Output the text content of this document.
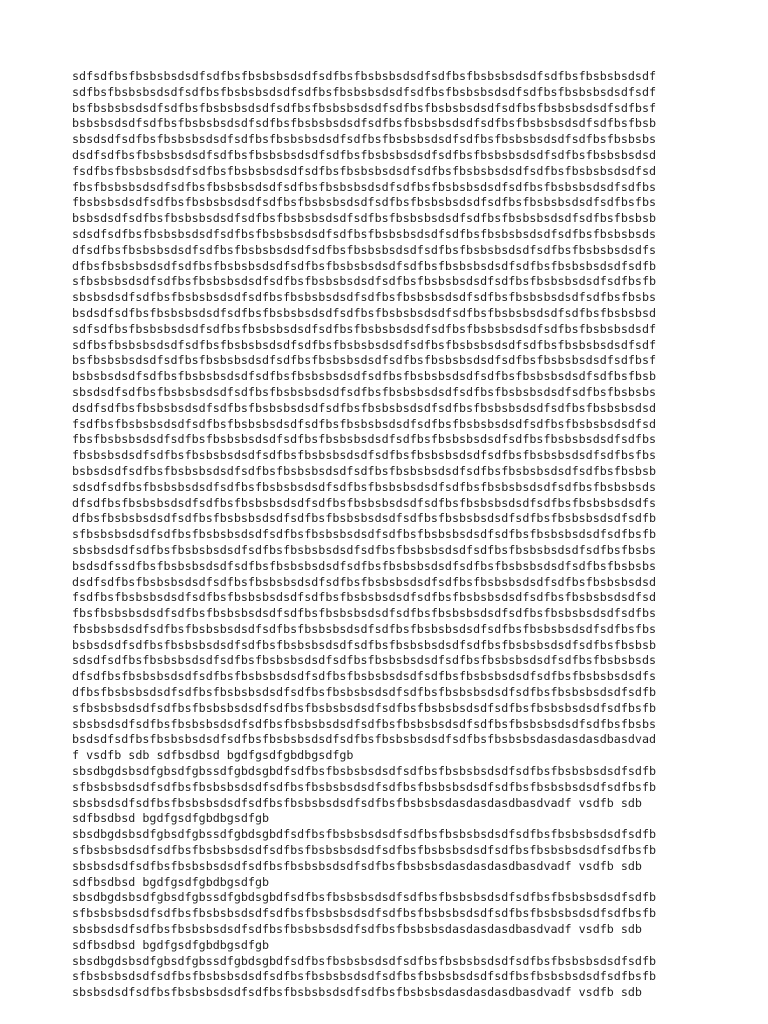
sdfsdfbsfbsbsbsdsdfsdfbsfbsbsbsdsdfsdfbsfbsbsbsdsdfsdfbsfbsbsbsdsdfsdfbsfbsbsbsdsdf
sdfbsfbsbsbsdsdfsdfbsfbsbsbsdsdfsdfbsfbsbsbsdsdfsdfbsfbsbsbsdsdfsdfbsfbsbsbsdsdfsdf
bsfbsbsbsdsdfsdfbsfbsbsbsdsdfsdfbsfbsbsbsdsdfsdfbsfbsbsbsdsdfsdfbsfbsbsbsdsdfsdfbsf
bsbsbsdsdfsdfbsfbsbsbsdsdfsdfbsfbsbsbsdsdfsdfbsfbsbsbsdsdfsdfbsfbsbsbsdsdfsdfbsfbsb
sbsdsdfsdfbsfbsbsbsdsdfsdfbsfbsbsbsdsdfsdfbsfbsbsbsdsdfsdfbsfbsbsbsdsdfsdfbsfbsbsbs
dsdfsdfbsfbsbsbsdsdfsdfbsfbsbsbsdsdfsdfbsfbsbsbsdsdfsdfbsfbsbsbsdsdfsdfbsfbsbsbsdsd
fsdfbsfbsbsbsdsdfsdfbsfbsbsbsdsdfsdfbsfbsbsbsdsdfsdfbsfbsbsbsdsdfsdfbsfbsbsbsdsdfsd
fbsfbsbsbsdsdfsdfbsfbsbsbsdsdfsdfbsfbsbsbsdsdfsdfbsfbsbsbsdsdfsdfbsfbsbsbsdsdfsdfbs
fbsbsbsdsdfsdfbsfbsbsbsdsdfsdfbsfbsbsbsdsdfsdfbsfbsbsbsdsdfsdfbsfbsbsbsdsdfsdfbsfbs
bsbsdsdfsdfbsfbsbsbsdsdfsdfbsfbsbsbsdsdfsdfbsfbsbsbsdsdfsdfbsfbsbsbsdsdfsdfbsfbsbsb
sdsdfsdfbsfbsbsbsdsdfsdfbsfbsbsbsdsdfsdfbsfbsbsbsdsdfsdfbsfbsbsbsdsdfsdfbsfbsbsbsds
dfsdfbsfbsbsbsdsdfsdfbsfbsbsbsdsdfsdfbsfbsbsbsdsdfsdfbsfbsbsbsdsdfsdfbsfbsbsbsdsdfs
dfbsfbsbsbsdsdfsdfbsfbsbsbsdsdfsdfbsfbsbsbsdsdfsdfbsfbsbsbsdsdfsdfbsfbsbsbsdsdfsdfb
sfbsbsbsdsdfsdfbsfbsbsbsdsdfsdfbsfbsbsbsdsdfsdfbsfbsbsbsdsdfsdfbsfbsbsbsdsdfsdfbsfb
sbsbsdsdfsdfbsfbsbsbsdsdfsdfbsfbsbsbsdsdfsdfbsfbsbsbsdsdfsdfbsfbsbsbsdsdfsdfbsfbsbs
bsdsdfsdfbsfbsbsbsdsdfsdfbsfbsbsbsdsdfsdfbsfbsbsbsdsdfsdfbsfbsbsbsdsdfsdfbsfbsbsbsd
sdfsdfbsfbsbsbsdsdfsdfbsfbsbsbsdsdfsdfbsfbsbsbsdsdfsdfbsfbsbsbsdsdfsdfbsfbsbsbsdsdf
sdfbsfbsbsbsdsdfsdfbsfbsbsbsdsdfsdfbsfbsbsbsdsdfsdfbsfbsbsbsdsdfsdfbsfbsbsbsdsdfsdf
bsfbsbsbsdsdfsdfbsfbsbsbsdsdfsdfbsfbsbsbsdsdfsdfbsfbsbsbsdsdfsdfbsfbsbsbsdsdfsdfbsf
bsbsbsdsdfsdfbsfbsbsbsdsdfsdfbsfbsbsbsdsdfsdfbsfbsbsbsdsdfsdfbsfbsbsbsdsdfsdfbsfbsb
sbsdsdfsdfbsfbsbsbsdsdfsdfbsfbsbsbsdsdfsdfbsfbsbsbsdsdfsdfbsfbsbsbsdsdfsdfbsfbsbsbs
dsdfsdfbsfbsbsbsdsdfsdfbsfbsbsbsdsdfsdfbsfbsbsbsdsdfsdfbsfbsbsbsdsdfsdfbsfbsbsbsdsd
fsdfbsfbsbsbsdsdfsdfbsfbsbsbsdsdfsdfbsfbsbsbsdsdfsdfbsfbsbsbsdsdfsdfbsfbsbsbsdsdfsd
fbsfbsbsbsdsdfsdfbsfbsbsbsdsdfsdfbsfbsbsbsdsdfsdfbsfbsbsbsdsdfsdfbsfbsbsbsdsdfsdfbs
fbsbsbsdsdfsdfbsfbsbsbsdsdfsdfbsfbsbsbsdsdfsdfbsfbsbsbsdsdfsdfbsfbsbsbsdsdfsdfbsfbs
bsbsdsdfsdfbsfbsbsbsdsdfsdfbsfbsbsbsdsdfsdfbsfbsbsbsdsdfsdfbsfbsbsbsdsdfsdfbsfbsbsb
sdsdfsdfbsfbsbsbsdsdfsdfbsfbsbsbsdsdfsdfbsfbsbsbsdsdfsdfbsfbsbsbsdsdfsdfbsfbsbsbsds
dfsdfbsfbsbsbsdsdfsdfbsfbsbsbsdsdfsdfbsfbsbsbsdsdfsdfbsfbsbsbsdsdfsdfbsfbsbsbsdsdfs
dfbsfbsbsbsdsdfsdfbsfbsbsbsdsdfsdfbsfbsbsbsdsdfsdfbsfbsbsbsdsdfsdfbsfbsbsbsdsdfsdfb
sfbsbsbsdsdfsdfbsfbsbsbsdsdfsdfbsfbsbsbsdsdfsdfbsfbsbsbsdsdfsdfbsfbsbsbsdsdfsdfbsfb
sbsbsdsdfsdfbsfbsbsbsdsdfsdfbsfbsbsbsdsdfsdfbsfbsbsbsdsdfsdfbsfbsbsbsdsdfsdfbsfbsbs
bsdsdfssdfbsfbsbsbsdsdfsdfbsfbsbsbsdsdfsdfbsfbsbsbsdsdfsdfbsfbsbsbsdsdfsdfbsfbsbsbs
dsdfsdfbsfbsbsbsdsdfsdfbsfbsbsbsdsdfsdfbsfbsbsbsdsdfsdfbsfbsbsbsdsdfsdfbsfbsbsbsdsd
fsdfbsfbsbsbsdsdfsdfbsfbsbsbsdsdfsdfbsfbsbsbsdsdfsdfbsfbsbsbsdsdfsdfbsfbsbsbsdsdfsd
fbsfbsbsbsdsdfsdfbsfbsbsbsdsdfsdfbsfbsbsbsdsdfsdfbsfbsbsbsdsdfsdfbsfbsbsbsdsdfsdfbs
fbsbsbsdsdfsdfbsfbsbsbsdsdfsdfbsfbsbsbsdsdfsdfbsfbsbsbsdsdfsdfbsfbsbsbsdsdfsdfbsfbs
bsbsdsdfsdfbsfbsbsbsdsdfsdfbsfbsbsbsdsdfsdfbsfbsbsbsdsdfsdfbsfbsbsbsdsdfsdfbsfbsbsb
sdsdfsdfbsfbsbsbsdsdfsdfbsfbsbsbsdsdfsdfbsfbsbsbsdsdfsdfbsfbsbsbsdsdfsdfbsfbsbsbsds
dfsdfbsfbsbsbsdsdfsdfbsfbsbsbsdsdfsdfbsfbsbsbsdsdfsdfbsfbsbsbsdsdfsdfbsfbsbsbsdsdfs
dfbsfbsbsbsdsdfsdfbsfbsbsbsdsdfsdfbsfbsbsbsdsdfsdfbsfbsbsbsdsdfsdfbsfbsbsbsdsdfsdfb
sfbsbsbsdsdfsdfbsfbsbsbsdsdfsdfbsfbsbsbsdsdfsdfbsfbsbsbsdsdfsdfbsfbsbsbsdsdfsdfbsfb
sbsbsdsdfsdfbsfbsbsbsdsdfsdfbsfbsbsbsdsdfsdfbsfbsbsbsdsdfsdfbsfbsbsbsdsdfsdfbsfbsbs
bsdsdfsdfbsfbsbsbsdsdfsdfbsfbsbsbsdsdfsdfbsfbsbsbsdsdfsdfbsfbsbsbsdasdasdasdbasdvad
f vsdfb sdb sdfbsdbsd bgdfgsdfgbdbgsdfgb
sbsdbgdsbsdfgbsdfgbssdfgbdsgbdfsdfbsfbsbsbsdsdfsdfbsfbsbsbsdsdfsdfbsfbsbsbsdsdfsdfb
sfbsbsbsdsdfsdfbsfbsbsbsdsdfsdfbsfbsbsbsdsdfsdfbsfbsbsbsdsdfsdfbsfbsbsbsdsdfsdfbsfb
sbsbsdsdfsdfbsfbsbsbsdsdfsdfbsfbsbsbsdsdfsdfbsfbsbsbsdasdasdasdbasdvadf vsdfb sdb
sdfbsdbsd bgdfgsdfgbdbgsdfgb
sbsdbgdsbsdfgbsdfgbssdfgbdsgbdfsdfbsfbsbsbsdsdfsdfbsfbsbsbsdsdfsdfbsfbsbsbsdsdfsdfb
sfbsbsbsdsdfsdfbsfbsbsbsdsdfsdfbsfbsbsbsdsdfsdfbsfbsbsbsdsdfsdfbsfbsbsbsdsdfsdfbsfb
sbsbsdsdfsdfbsfbsbsbsdsdfsdfbsfbsbsbsdsdfsdfbsfbsbsbsdasdasdasdbasdvadf vsdfb sdb
sdfbsdbsd bgdfgsdfgbdbgsdfgb
sbsdbgdsbsdfgbsdfgbssdfgbdsgbdfsdfbsfbsbsbsdsdfsdfbsfbsbsbsdsdfsdfbsfbsbsbsdsdfsdfb
sfbsbsbsdsdfsdfbsfbsbsbsdsdfsdfbsfbsbsbsdsdfsdfbsfbsbsbsdsdfsdfbsfbsbsbsdsdfsdfbsfb
sbsbsdsdfsdfbsfbsbsbsdsdfsdfbsfbsbsbsdsdfsdfbsfbsbsbsdasdasdasdbasdvadf vsdfb sdb
sdfbsdbsd bgdfgsdfgbdbgsdfgb
sbsdbgdsbsdfgbsdfgbssdfgbdsgbdfsdfbsfbsbsbsdsdfsdfbsfbsbsbsdsdfsdfbsfbsbsbsdsdfsdfb
sfbsbsbsdsdfsdfbsfbsbsbsdsdfsdfbsfbsbsbsdsdfsdfbsfbsbsbsdsdfsdfbsfbsbsbsdsdfsdfbsfb
sbsbsdsdfsdfbsfbsbsbsdsdfsdfbsfbsbsbsdsdfsdfbsfbsbsbsdasdasdasdbasdvadf vsdfb sdb
